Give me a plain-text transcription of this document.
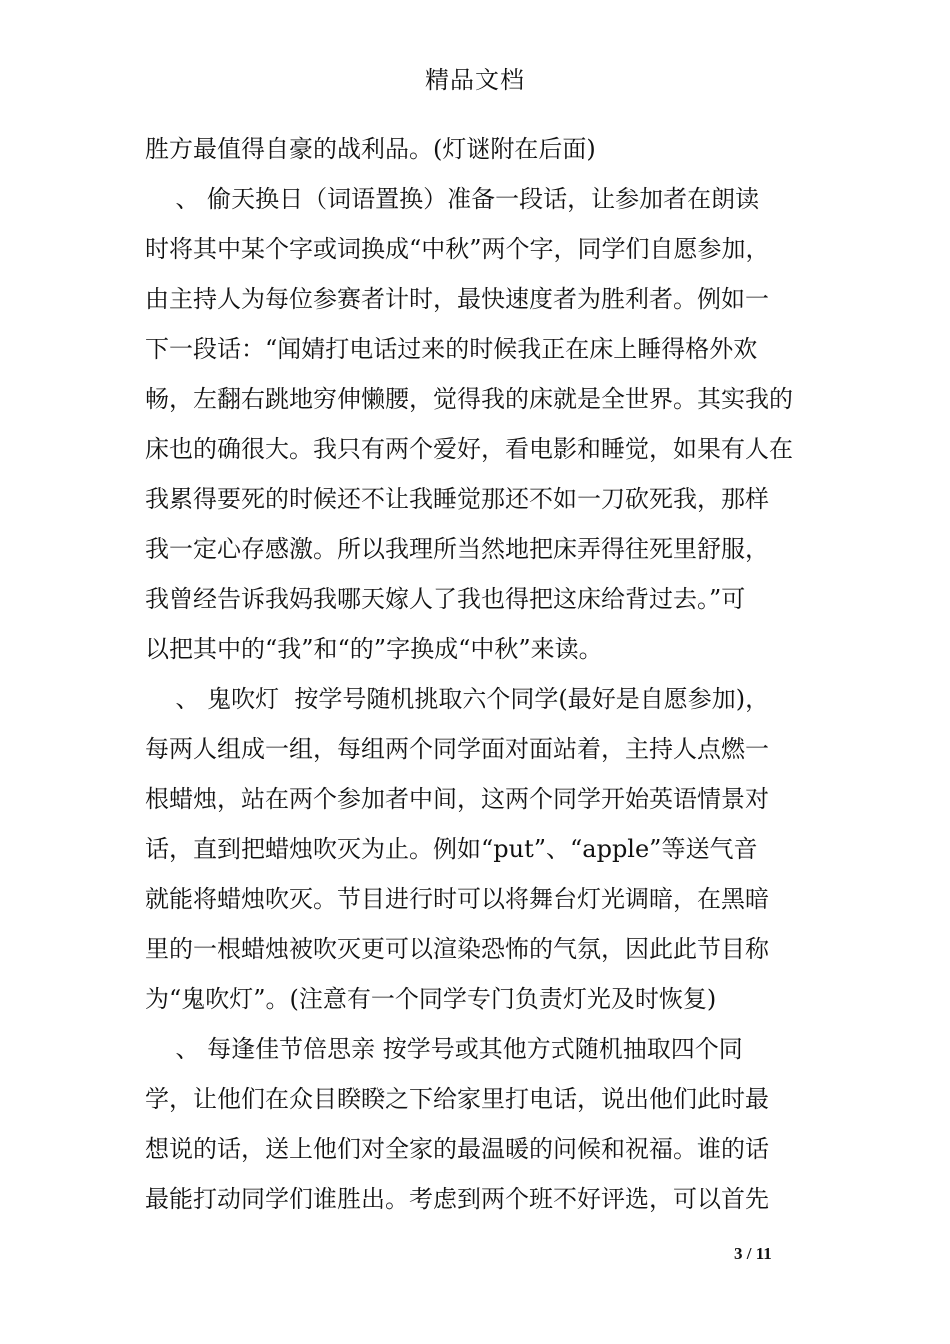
精品文档
胜方最值得自豪的战利品。(灯谜附在后面)
、 偷天换日（词语置换）准备一段话，让参加者在朗读
时将其中某个字或词换成“中秋”两个字，同学们自愿参加，
由主持人为每位参赛者计时，最快速度者为胜利者。例如一
下一段话：“闻婧打电话过来的时候我正在床上睡得格外欢
畅，左翻右跳地穷伸懒腰，觉得我的床就是全世界。其实我的
床也的确很大。我只有两个爱好，看电影和睡觉，如果有人在
我累得要死的时候还不让我睡觉那还不如一刀砍死我，那样
我一定心存感激。所以我理所当然地把床弄得往死里舒服，
我曾经告诉我妈我哪天嫁人了我也得把这床给背过去。”可
以把其中的“我”和“的”字换成“中秋”来读。
、 鬼吹灯  按学号随机挑取六个同学(最好是自愿参加)，
每两人组成一组，每组两个同学面对面站着，主持人点燃一
根蜡烛，站在两个参加者中间，这两个同学开始英语情景对
话，直到把蜡烛吹灭为止。例如“put”、“apple”等送气音
就能将蜡烛吹灭。节目进行时可以将舞台灯光调暗，在黑暗
里的一根蜡烛被吹灭更可以渲染恐怖的气氛，因此此节目称
为“鬼吹灯”。(注意有一个同学专门负责灯光及时恢复)
、 每逢佳节倍思亲 按学号或其他方式随机抽取四个同
学，让他们在众目睽睽之下给家里打电话，说出他们此时最
想说的话，送上他们对全家的最温暖的问候和祝福。谁的话
最能打动同学们谁胜出。考虑到两个班不好评选，可以首先
3 / 11
